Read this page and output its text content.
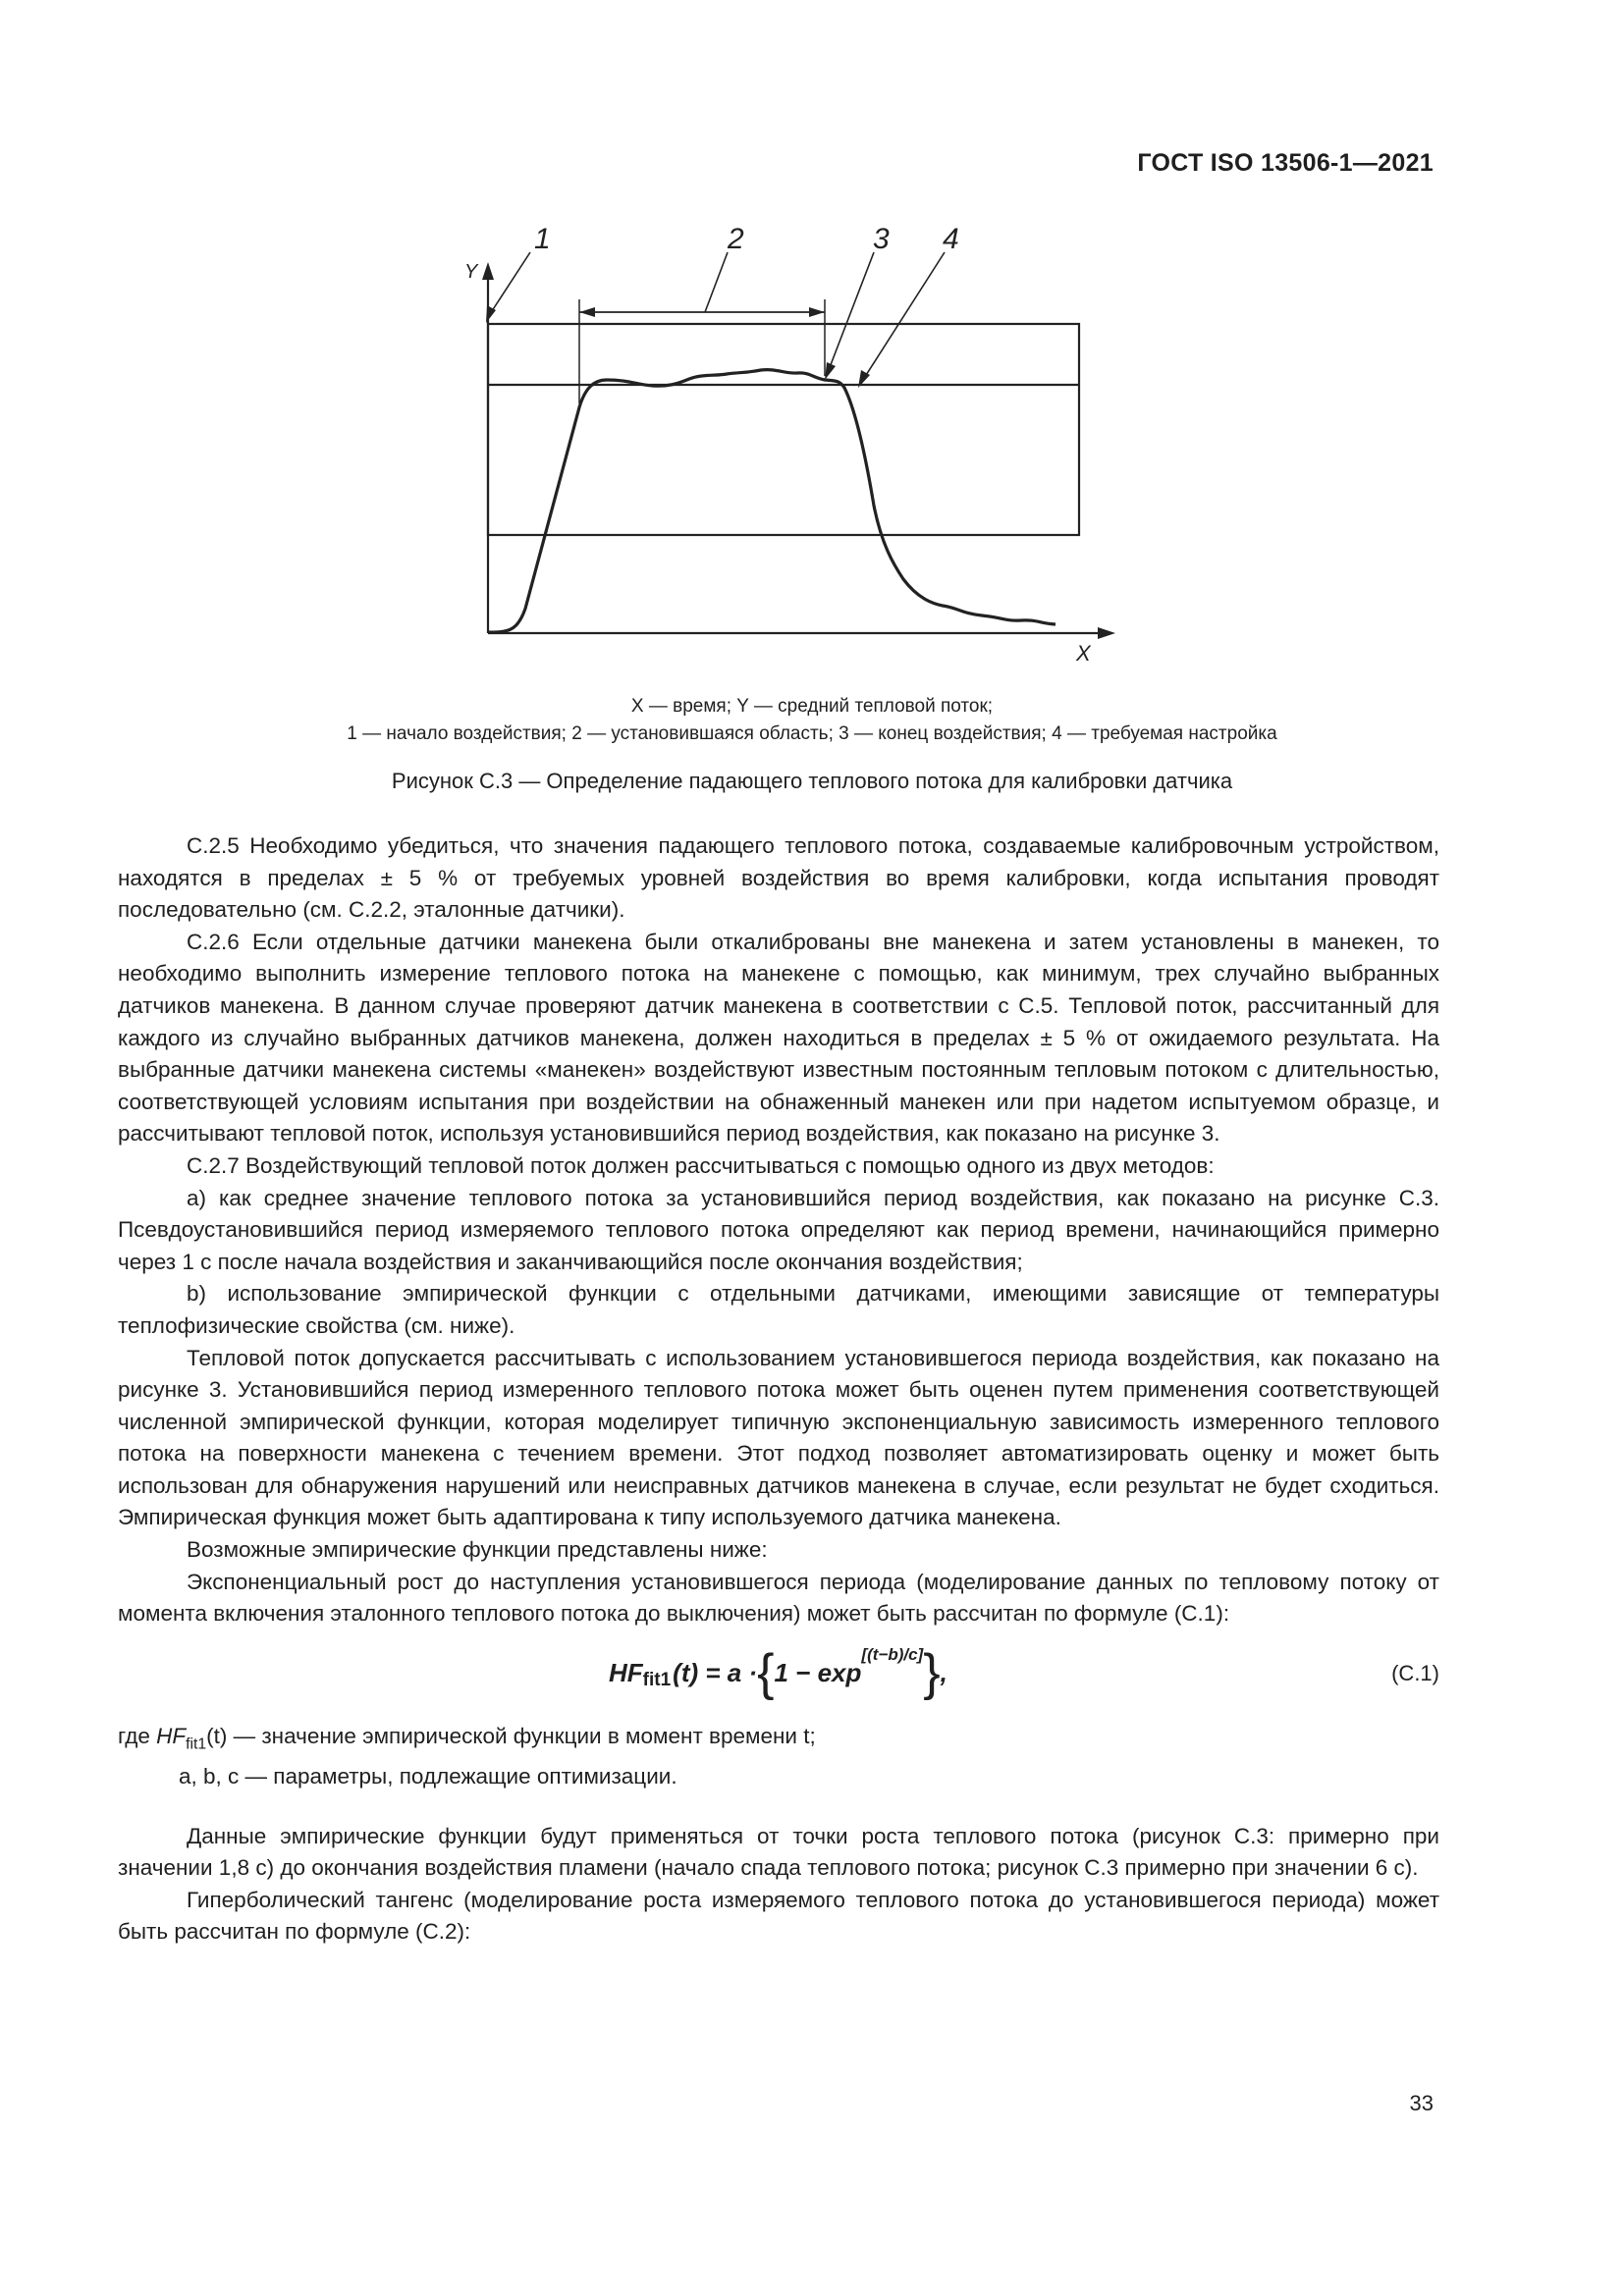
ГОСТ ISO 13506-1—2021
1	2	3 4
Y
X
X — время; Y — средний тепловой поток;
1 — начало воздействия; 2 — установившаяся область; 3 — конец воздействия; 4 — требуемая настройка
Рисунок С.3 — Определение падающего теплового потока для калибровки датчика

С.2.5 Необходимо убедиться, что значения падающего теплового потока, создаваемые калибровочным устройством, находятся в пределах ± 5 % от требуемых уровней воздействия во время калибровки, когда испытания проводят последовательно (см. С.2.2, эталонные датчики).

С.2.6 Если отдельные датчики манекена были откалиброваны вне манекена и затем установлены в манекен, то необходимо выполнить измерение теплового потока на манекене с помощью, как минимум, трех случайно выбранных датчиков манекена. В данном случае проверяют датчик манекена в соответствии с С.5. Тепловой поток, рассчитанный для каждого из случайно выбранных датчиков манекена, должен находиться в пределах ± 5 % от ожидаемого результата. На выбранные датчики манекена системы «манекен» воздействуют известным постоянным тепловым потоком с длительностью, соответствующей условиям испытания при воздействии на обнаженный манекен или при надетом испытуемом образце, и рассчитывают тепловой поток, используя установившийся период воздействия, как показано на рисунке 3.

С.2.7 Воздействующий тепловой поток должен рассчитываться с помощью одного из двух методов:

a) как среднее значение теплового потока за установившийся период воздействия, как показано на рисунке С.3. Псевдоустановившийся период измеряемого теплового потока определяют как период времени, начинающийся примерно через 1 с после начала воздействия и заканчивающийся после окончания воздействия;

b) использование эмпирической функции с отдельными датчиками, имеющими зависящие от температуры теплофизические свойства (см. ниже).

Тепловой поток допускается рассчитывать с использованием установившегося периода воздействия, как показано на рисунке 3. Установившийся период измеренного теплового потока может быть оценен путем применения соответствующей численной эмпирической функции, которая моделирует типичную экспоненциальную зависимость измеренного теплового потока на поверхности манекена с течением времени. Этот подход позволяет автоматизировать оценку и может быть использован для обнаружения нарушений или неисправных датчиков манекена в случае, если результат не будет сходиться. Эмпирическая функция может быть адаптирована к типу используемого датчика манекена.

Возможные эмпирические функции представлены ниже:

Экспоненциальный рост до наступления установившегося периода (моделирование данных по тепловому потоку от момента включения эталонного теплового потока до выключения) может быть рассчитан по формуле (С.1):

HF fit1 (t) = a · { 1 − exp
[(t−b)/c] } ,	(С.1)

где $HF_{fit1}(t)$ — значение эмпирической функции в момент времени t;

a, b, c — параметры, подлежащие оптимизации.

Данные эмпирические функции будут применяться от точки роста теплового потока (рисунок С.3: примерно при значении 1,8 с) до окончания воздействия пламени (начало спада теплового потока; рисунок С.3 примерно при значении 6 с).

Гиперболический тангенс (моделирование роста измеряемого теплового потока до установившегося периода) может быть рассчитан по формуле (С.2):

33
